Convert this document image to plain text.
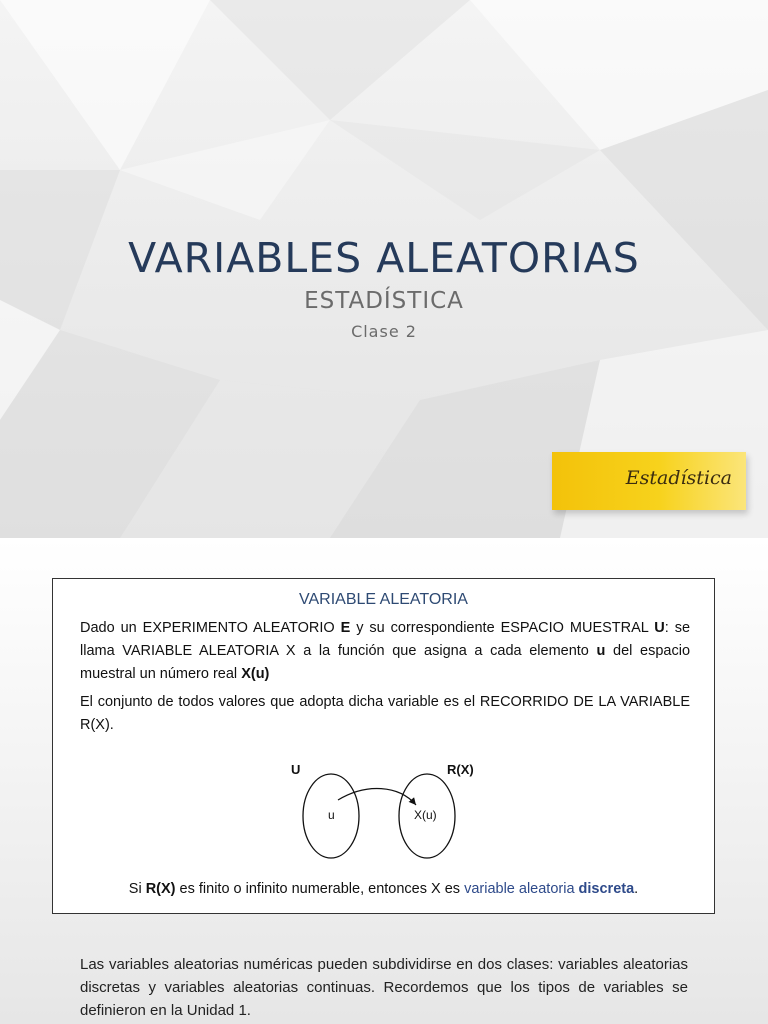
VARIABLES ALEATORIAS
ESTADÍSTICA
Clase 2
Estadística
VARIABLE ALEATORIA
Dado un EXPERIMENTO ALEATORIO E y su correspondiente ESPACIO MUESTRAL U: se llama VARIABLE ALEATORIA X a la función que asigna a cada elemento u del espacio muestral un número real X(u)
El conjunto de todos valores que adopta dicha variable es el RECORRIDO DE LA VARIABLE R(X).
U	R(X)
u	X(u)
Si R(X) es finito o infinito numerable, entonces X es variable aleatoria discreta.
Las variables aleatorias numéricas pueden subdividirse en dos clases: variables aleatorias discretas y variables aleatorias continuas. Recordemos que los tipos de variables se definieron en la Unidad 1.
